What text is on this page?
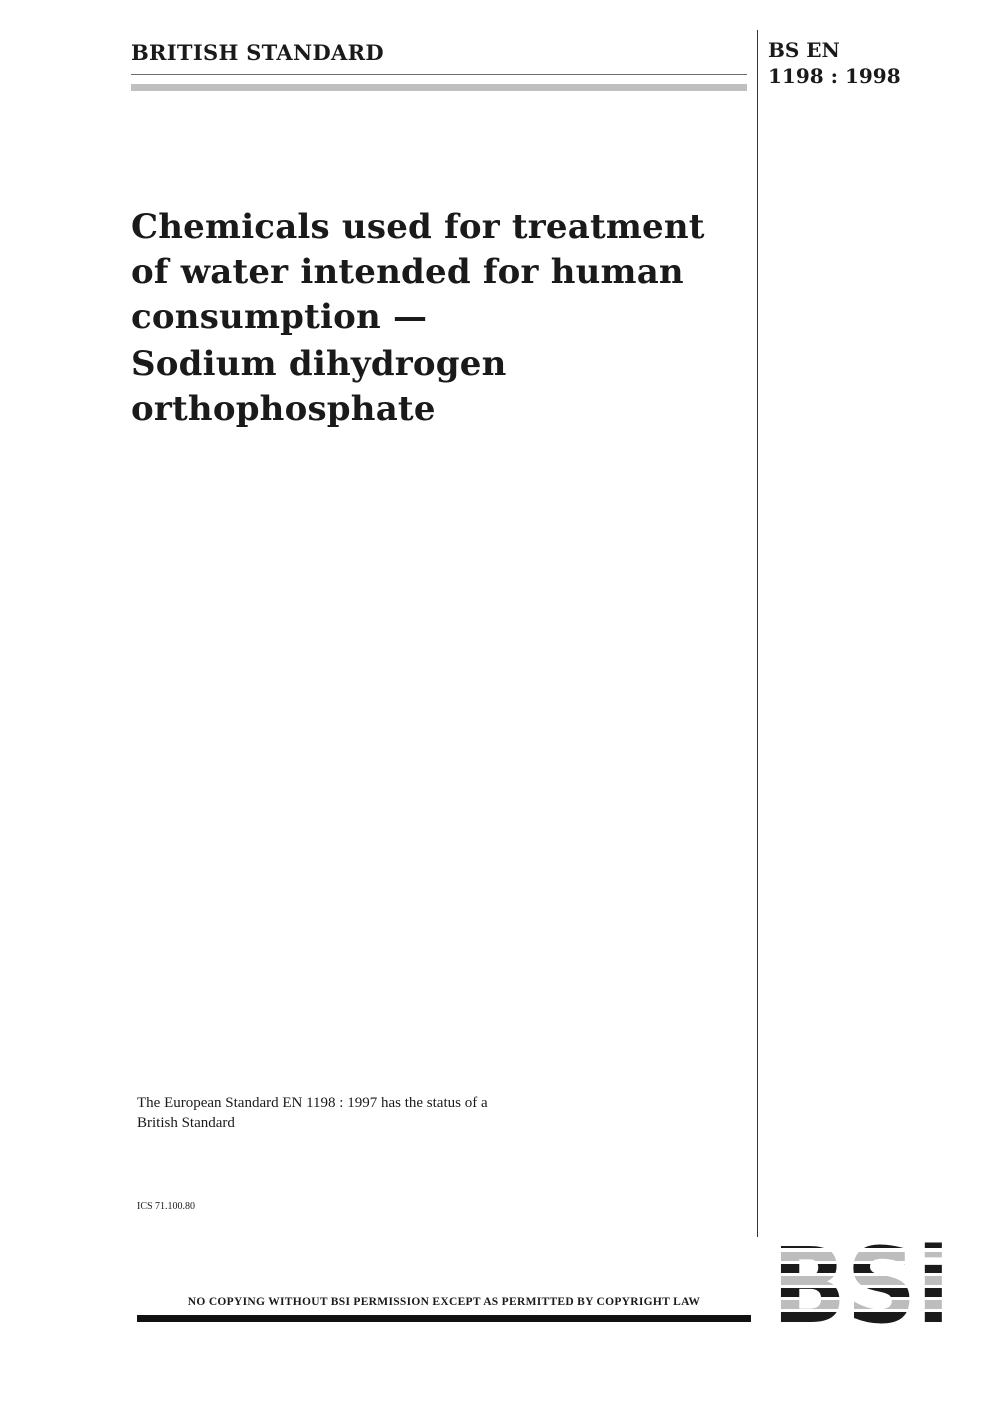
BRITISH STANDARD	BS EN
1198 : 1998
Chemicals used for treatment
of water intended for human
consumption —
Sodium dihydrogen
orthophosphate
The European Standard EN 1198 : 1997 has the status of a
British Standard
ICS 71.100.80
NO COPYING WITHOUT BSI PERMISSION EXCEPT AS PERMITTED BY COPYRIGHT LAW
